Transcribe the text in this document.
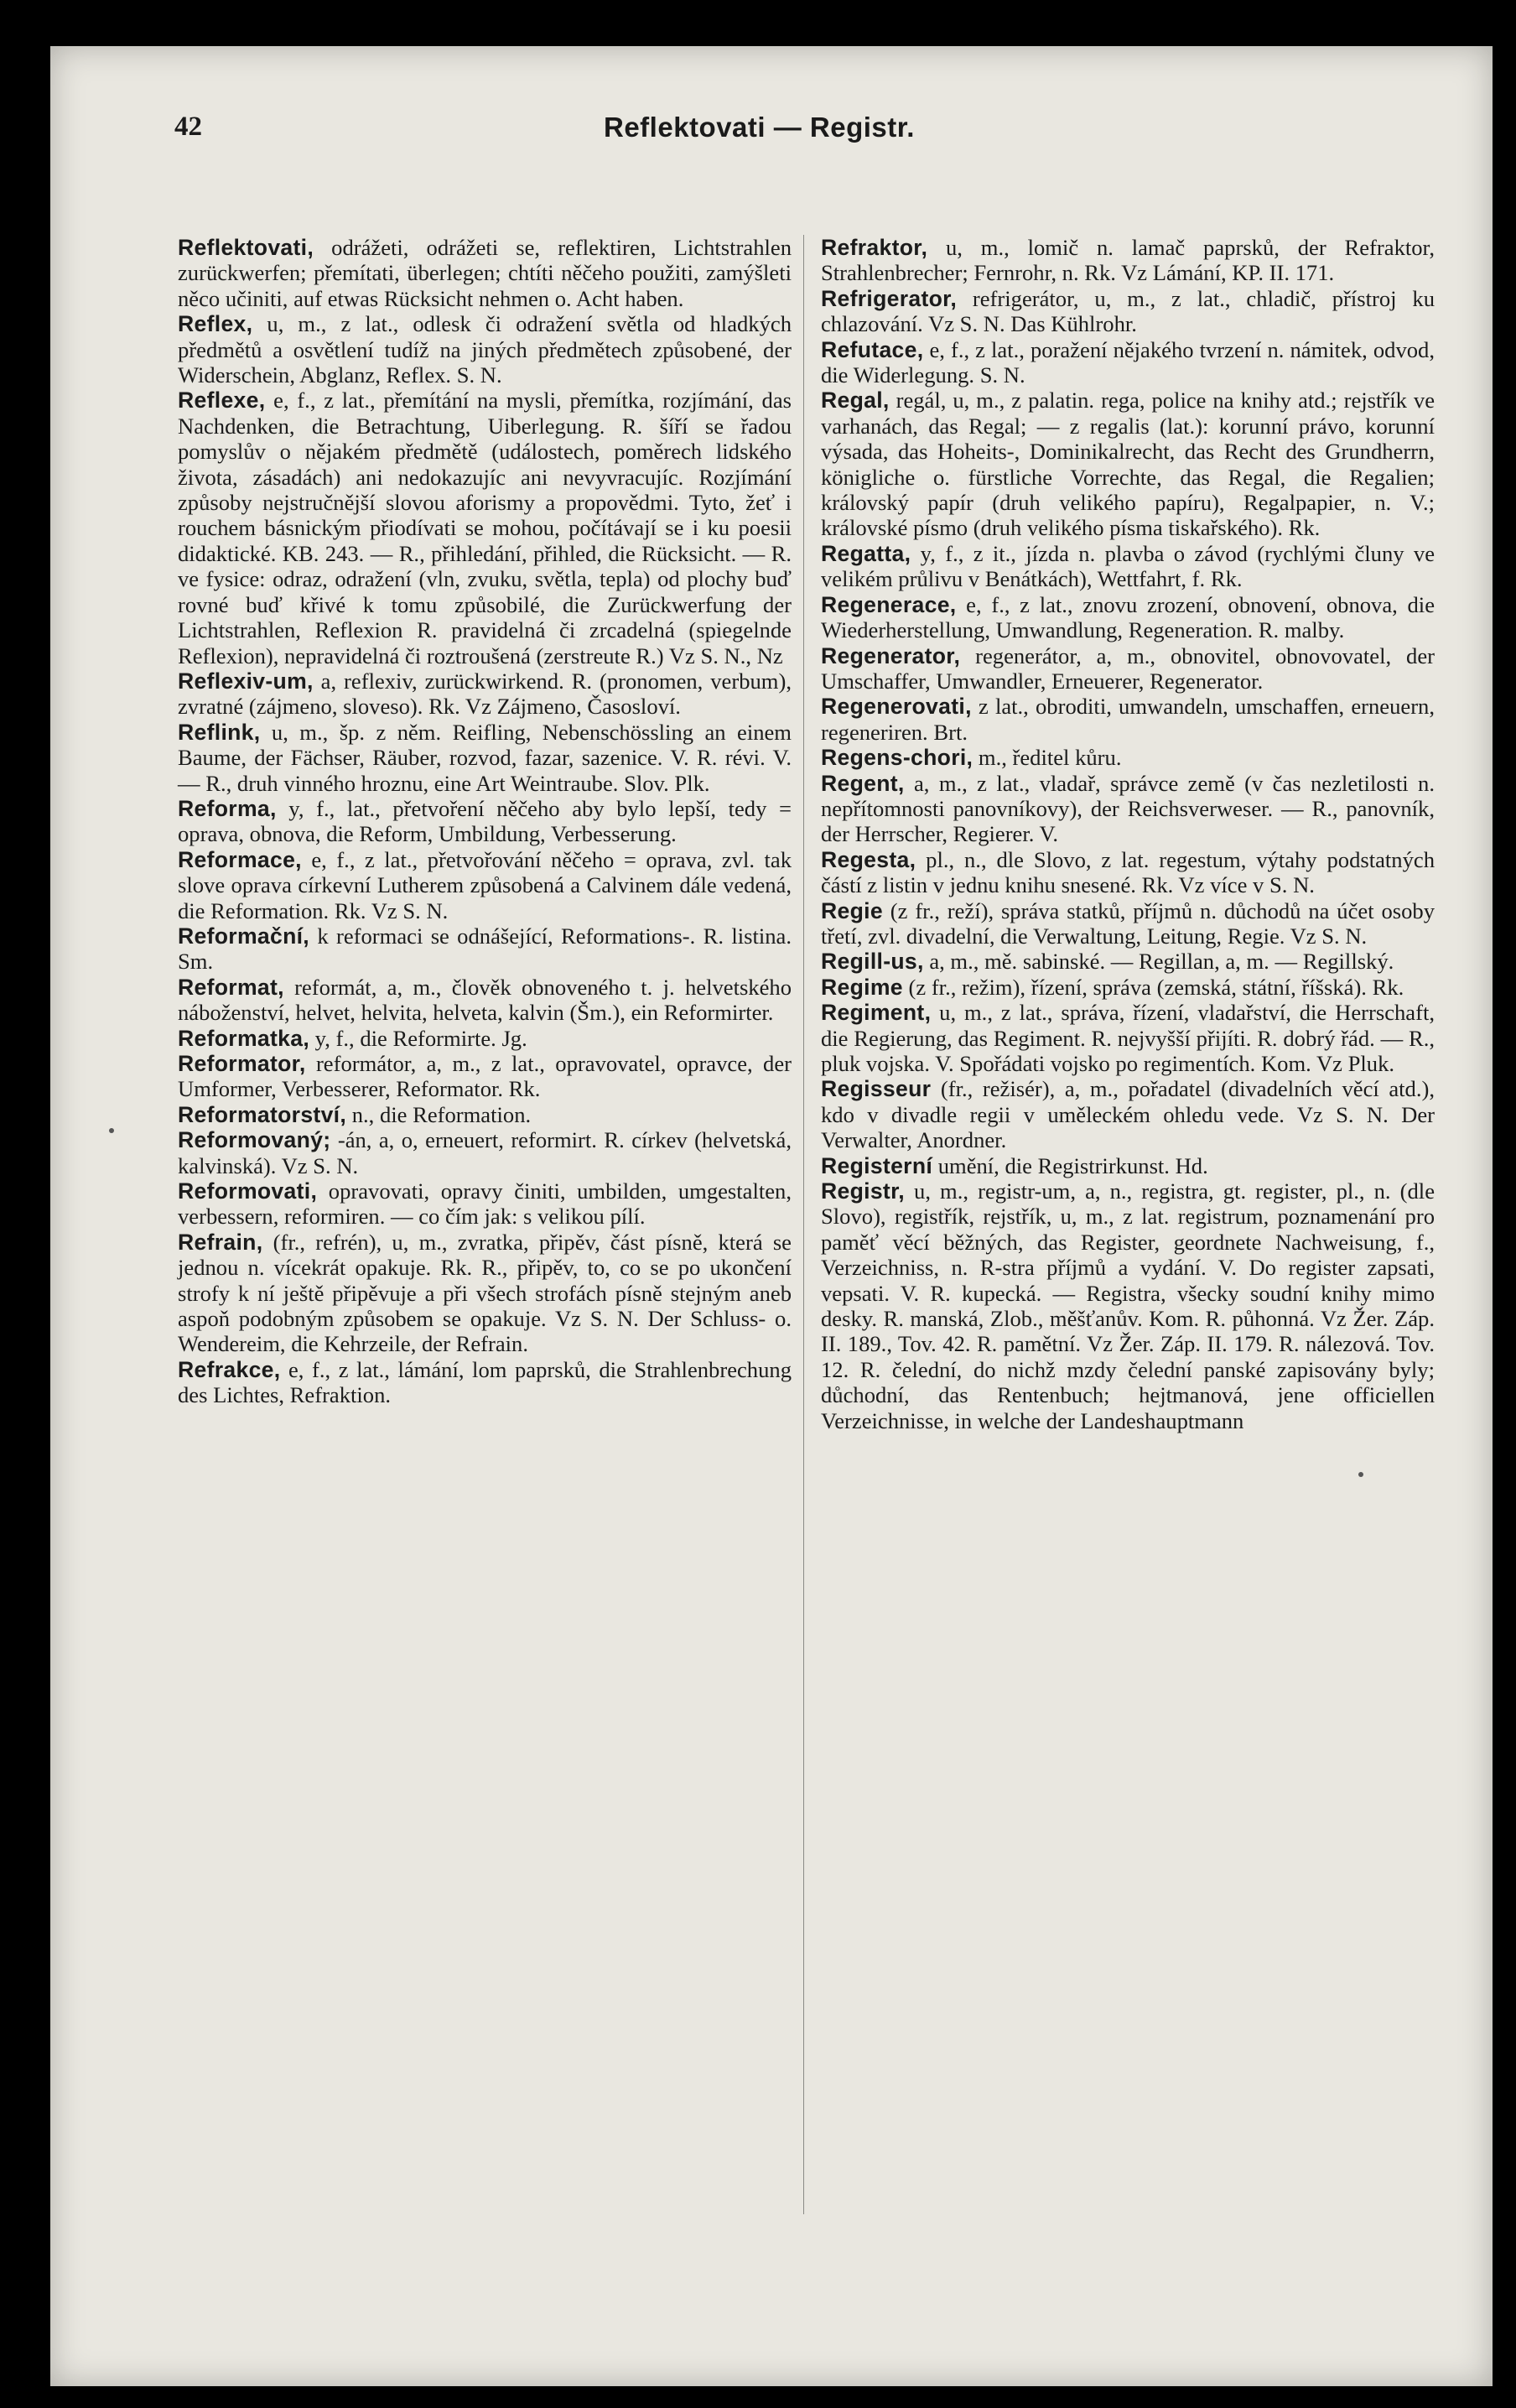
42	Reflektovati — Registr.

Reflektovati, odrážeti, odrážeti se, reflektiren, Lichtstrahlen zurückwerfen; přemítati, überlegen; chtíti něčeho použiti, zamýšleti něco učiniti, auf etwas Rücksicht nehmen o. Acht haben.

Reflex, u, m., z lat., odlesk či odražení světla od hladkých předmětů a osvětlení tudíž na jiných předmětech způsobené, der Widerschein, Abglanz, Reflex. S. N.

Reflexe, e, f., z lat., přemítání na mysli, přemítka, rozjímání, das Nachdenken, die Betrachtung, Uiberlegung. R. šíří se řadou pomyslův o nějakém předmětě (událostech, poměrech lidského života, zásadách) ani nedokazujíc ani nevyvracujíc. Rozjímání způsoby nejstručnější slovou aforismy a propovědmi. Tyto, žeť i rouchem básnickým přiodívati se mohou, počítávají se i ku poesii didaktické. KB. 243. — R., přihledání, přihled, die Rücksicht. — R. ve fysice: odraz, odražení (vln, zvuku, světla, tepla) od plochy buď rovné buď křivé k tomu způsobilé, die Zurückwerfung der Lichtstrahlen, Reflexion R. pravidelná či zrcadelná (spiegelnde Reflexion), nepravidelná či roztroušená (zerstreute R.) Vz S. N., Nz

Reflexiv-um, a, reflexiv, zurückwirkend. R. (pronomen, verbum), zvratné (zájmeno, sloveso). Rk. Vz Zájmeno, Časosloví.

Reflink, u, m., šp. z něm. Reifling, Nebenschössling an einem Baume, der Fächser, Räuber, rozvod, fazar, sazenice. V. R. révi. V. — R., druh vinného hroznu, eine Art Weintraube. Slov. Plk.

Reforma, y, f., lat., přetvoření něčeho aby bylo lepší, tedy = oprava, obnova, die Reform, Umbildung, Verbesserung.

Reformace, e, f., z lat., přetvořování něčeho = oprava, zvl. tak slove oprava církevní Lutherem způsobená a Calvinem dále vedená, die Reformation. Rk. Vz S. N.

Reformační, k reformaci se odnášející, Reformations-. R. listina. Sm.

Reformat, reformát, a, m., člověk obnoveného t. j. helvetského náboženství, helvet, helvita, helveta, kalvin (Šm.), ein Reformirter.

Reformatka, y, f., die Reformirte. Jg.

Reformator, reformátor, a, m., z lat., opravovatel, opravce, der Umformer, Verbesserer, Reformator. Rk.

Reformatorství, n., die Reformation.

Reformovaný; -án, a, o, erneuert, reformirt. R. církev (helvetská, kalvinská). Vz S. N.

Reformovati, opravovati, opravy činiti, umbilden, umgestalten, verbessern, reformiren. — co čím jak: s velikou pílí.

Refrain, (fr., refrén), u, m., zvratka, připěv, část písně, která se jednou n. vícekrát opakuje. Rk. R., připěv, to, co se po ukončení strofy k ní ještě připěvuje a při všech strofách písně stejným aneb aspoň podobným způsobem se opakuje. Vz S. N. Der Schluss- o. Wendereim, die Kehrzeile, der Refrain.

Refrakce, e, f., z lat., lámání, lom paprsků, die Strahlenbrechung des Lichtes, Refraktion.

Refraktor, u, m., lomič n. lamač paprsků, der Refraktor, Strahlenbrecher; Fernrohr, n. Rk. Vz Lámání, KP. II. 171.

Refrigerator, refrigerátor, u, m., z lat., chladič, přístroj ku chlazování. Vz S. N. Das Kühlrohr.

Refutace, e, f., z lat., poražení nějakého tvrzení n. námitek, odvod, die Widerlegung. S. N.

Regal, regál, u, m., z palatin. rega, police na knihy atd.; rejstřík ve varhanách, das Regal; — z regalis (lat.): korunní právo, korunní výsada, das Hoheits-, Dominikalrecht, das Recht des Grundherrn, königliche o. fürstliche Vorrechte, das Regal, die Regalien; královský papír (druh velikého papíru), Regalpapier, n. V.; královské písmo (druh velikého písma tiskařského). Rk.

Regatta, y, f., z it., jízda n. plavba o závod (rychlými čluny ve velikém průlivu v Benátkách), Wettfahrt, f. Rk.

Regenerace, e, f., z lat., znovu zrození, obnovení, obnova, die Wiederherstellung, Umwandlung, Regeneration. R. malby.

Regenerator, regenerátor, a, m., obnovitel, obnovovatel, der Umschaffer, Umwandler, Erneuerer, Regenerator.

Regenerovati, z lat., obroditi, umwandeln, umschaffen, erneuern, regeneriren. Brt.

Regens-chori, m., ředitel kůru.

Regent, a, m., z lat., vladař, správce země (v čas nezletilosti n. nepřítomnosti panovníkovy), der Reichsverweser. — R., panovník, der Herrscher, Regierer. V.

Regesta, pl., n., dle Slovo, z lat. regestum, výtahy podstatných částí z listin v jednu knihu snesené. Rk. Vz více v S. N.

Regie (z fr., reží), správa statků, příjmů n. důchodů na účet osoby třetí, zvl. divadelní, die Verwaltung, Leitung, Regie. Vz S. N.

Regill-us, a, m., mě. sabinské. — Regillan, a, m. — Regillský.

Regime (z fr., režim), řízení, správa (zemská, státní, říšská). Rk.

Regiment, u, m., z lat., správa, řízení, vladařství, die Herrschaft, die Regierung, das Regiment. R. nejvyšší přijíti. R. dobrý řád. — R., pluk vojska. V. Spořádati vojsko po regimentích. Kom. Vz Pluk.

Regisseur (fr., režisér), a, m., pořadatel (divadelních věcí atd.), kdo v divadle regii v uměleckém ohledu vede. Vz S. N. Der Verwalter, Anordner.

Registerní umění, die Registrirkunst. Hd.

Registr, u, m., registr-um, a, n., registra, gt. register, pl., n. (dle Slovo), registřík, rejstřík, u, m., z lat. registrum, poznamenání pro paměť věcí běžných, das Register, geordnete Nachweisung, f., Verzeichniss, n. R-stra příjmů a vydání. V. Do register zapsati, vepsati. V. R. kupecká. — Registra, všecky soudní knihy mimo desky. R. manská, Zlob., měšťanův. Kom. R. půhonná. Vz Žer. Záp. II. 189., Tov. 42. R. pamětní. Vz Žer. Záp. II. 179. R. nálezová. Tov. 12. R. čelední, do nichž mzdy čelední panské zapisovány byly; důchodní, das Rentenbuch; hejtmanová, jene officiellen Verzeichnisse, in welche der Landeshauptmann
